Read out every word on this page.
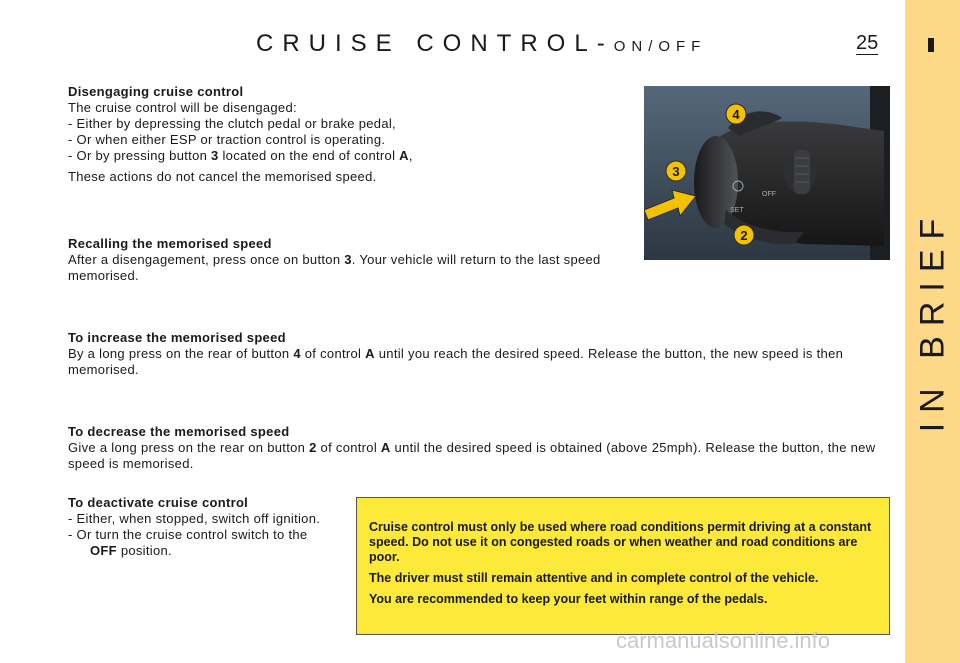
IN BRIEF
CRUISE CONTROL-ON/OFF	25

Disengaging cruise control

The cruise control will be disengaged:

- Either by depressing the clutch pedal or brake pedal,

- Or when either ESP or traction control is operating.

- Or by pressing button 3 located on the end of control A,

These actions do not cancel the memorised speed.

Recalling the memorised speed

After a disengagement, press once on button 3. Your vehicle will return to the last speed memorised.

To increase the memorised speed

By a long press on the rear of button 4 of control A until you reach the desired speed. Release the button, the new speed is then memorised.

To decrease the memorised speed

Give a long press on the rear on button 2 of control A until the desired speed is obtained (above 25mph). Release the button, the new speed is memorised.

To deactivate cruise control

- Either, when stopped, switch off ignition.

- Or turn the cruise control switch to the OFF position.

OFF
SET
4
3
2

Cruise control must only be used where road conditions permit driving at a constant speed. Do not use it on congested roads or when weather and road conditions are poor.

The driver must still remain attentive and in complete control of the vehicle.

You are recommended to keep your feet within range of the pedals.

carmanualsonline.info
